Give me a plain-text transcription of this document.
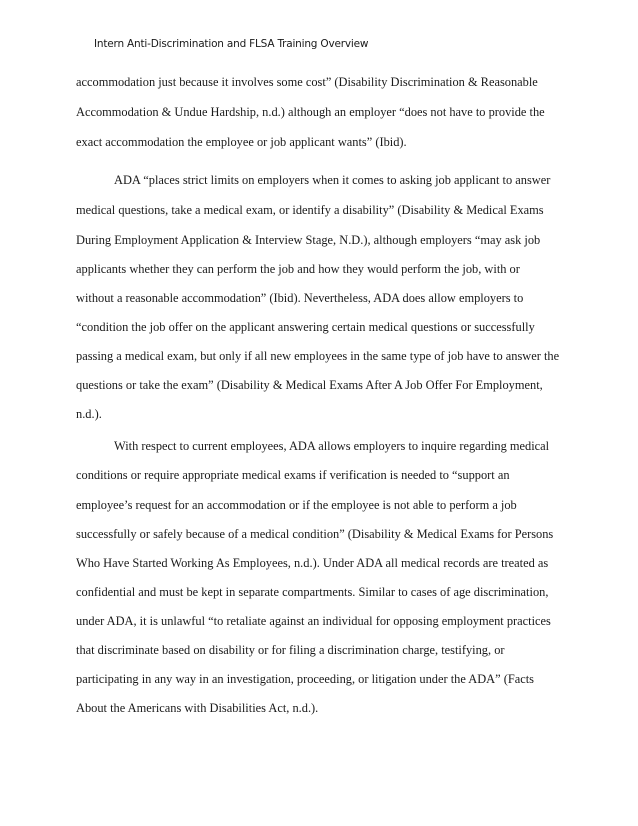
Intern Anti-Discrimination and FLSA Training Overview
accommodation just because it involves some cost” (Disability Discrimination & Reasonable
Accommodation & Undue Hardship, n.d.) although an employer “does not have to provide the
exact accommodation the employee or job applicant wants” (Ibid).
ADA “places strict limits on employers when it comes to asking job applicant to answer
medical questions, take a medical exam, or identify a disability” (Disability & Medical Exams
During Employment Application & Interview Stage, N.D.), although employers “may ask job
applicants whether they can perform the job and how they would perform the job, with or
without a reasonable accommodation” (Ibid). Nevertheless, ADA does allow employers to
“condition the job offer on the applicant answering certain medical questions or successfully
passing a medical exam, but only if all new employees in the same type of job have to answer the
questions or take the exam” (Disability & Medical Exams After A Job Offer For Employment,
n.d.).
With respect to current employees, ADA allows employers to inquire regarding medical
conditions or require appropriate medical exams if verification is needed to “support an
employee’s request for an accommodation or if the employee is not able to perform a job
successfully or safely because of a medical condition” (Disability & Medical Exams for Persons
Who Have Started Working As Employees, n.d.). Under ADA all medical records are treated as
confidential and must be kept in separate compartments. Similar to cases of age discrimination,
under ADA, it is unlawful “to retaliate against an individual for opposing employment practices
that discriminate based on disability or for filing a discrimination charge, testifying, or
participating in any way in an investigation, proceeding, or litigation under the ADA” (Facts
About the Americans with Disabilities Act, n.d.).
